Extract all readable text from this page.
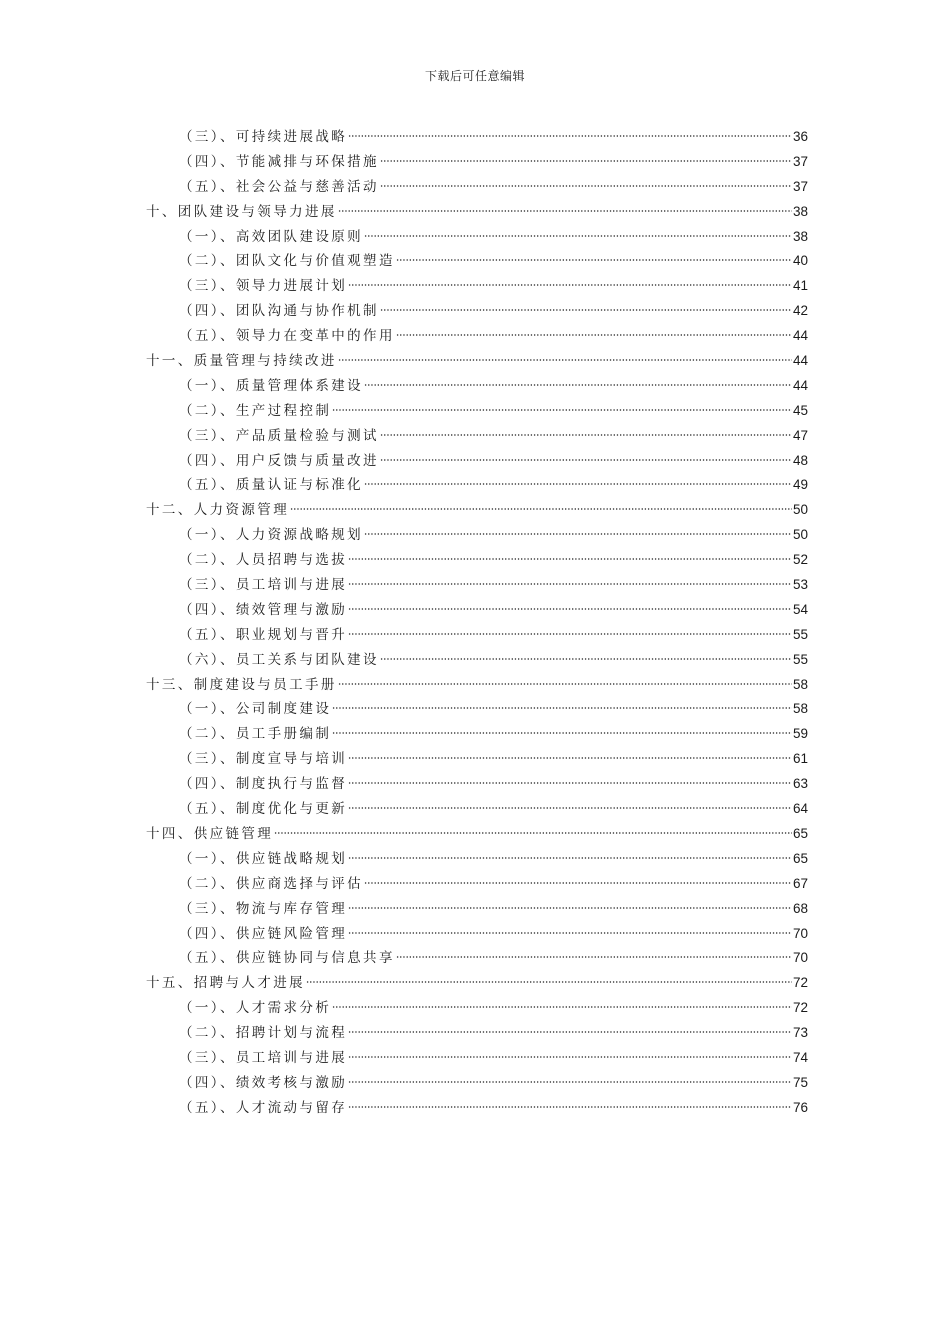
下载后可任意编辑
（三）、可持续进展战略	36
（四）、节能减排与环保措施	37
（五）、社会公益与慈善活动	37
十、团队建设与领导力进展	38
（一）、高效团队建设原则	38
（二）、团队文化与价值观塑造	40
（三）、领导力进展计划	41
（四）、团队沟通与协作机制	42
（五）、领导力在变革中的作用	44
十一、质量管理与持续改进	44
（一）、质量管理体系建设	44
（二）、生产过程控制	45
（三）、产品质量检验与测试	47
（四）、用户反馈与质量改进	48
（五）、质量认证与标准化	49
十二、人力资源管理	50
（一）、人力资源战略规划	50
（二）、人员招聘与选拔	52
（三）、员工培训与进展	53
（四）、绩效管理与激励	54
（五）、职业规划与晋升	55
（六）、员工关系与团队建设	55
十三、制度建设与员工手册	58
（一）、公司制度建设	58
（二）、员工手册编制	59
（三）、制度宣导与培训	61
（四）、制度执行与监督	63
（五）、制度优化与更新	64
十四、供应链管理	65
（一）、供应链战略规划	65
（二）、供应商选择与评估	67
（三）、物流与库存管理	68
（四）、供应链风险管理	70
（五）、供应链协同与信息共享	70
十五、招聘与人才进展	72
（一）、人才需求分析	72
（二）、招聘计划与流程	73
（三）、员工培训与进展	74
（四）、绩效考核与激励	75
（五）、人才流动与留存	76
